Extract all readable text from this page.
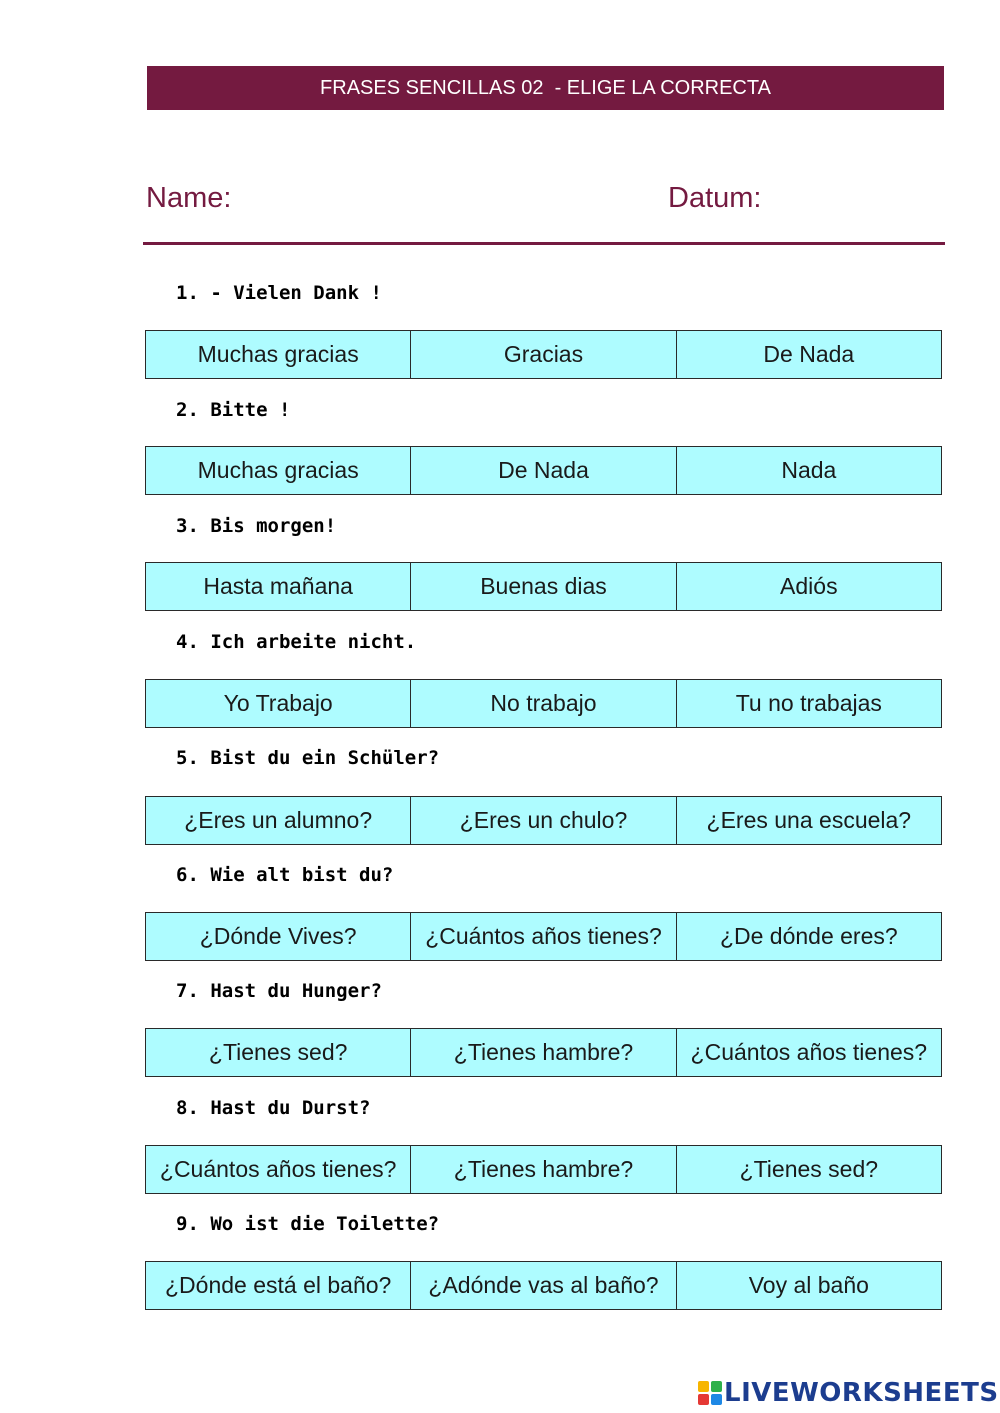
FRASES SENCILLAS 02  - ELIGE LA CORRECTA
Name:	Datum:
1. - Vielen Dank !
Muchas gracias	Gracias	De Nada
2. Bitte !
Muchas gracias	De Nada	Nada
3. Bis morgen!
Hasta mañana	Buenas dias	Adiós
4. Ich arbeite nicht.
Yo Trabajo	No trabajo	Tu no trabajas
5. Bist du ein Schüler?
¿Eres un alumno?	¿Eres un chulo?	¿Eres una escuela?
6. Wie alt bist du?
¿Dónde Vives?	¿Cuántos años tienes?	¿De dónde eres?
7. Hast du Hunger?
¿Tienes sed?	¿Tienes hambre?	¿Cuántos años tienes?
8. Hast du Durst?
¿Cuántos años tienes?	¿Tienes hambre?	¿Tienes sed?
9. Wo ist die Toilette?
¿Dónde está el baño?	¿Adónde vas al baño?	Voy al baño
LIVEWORKSHEETS
